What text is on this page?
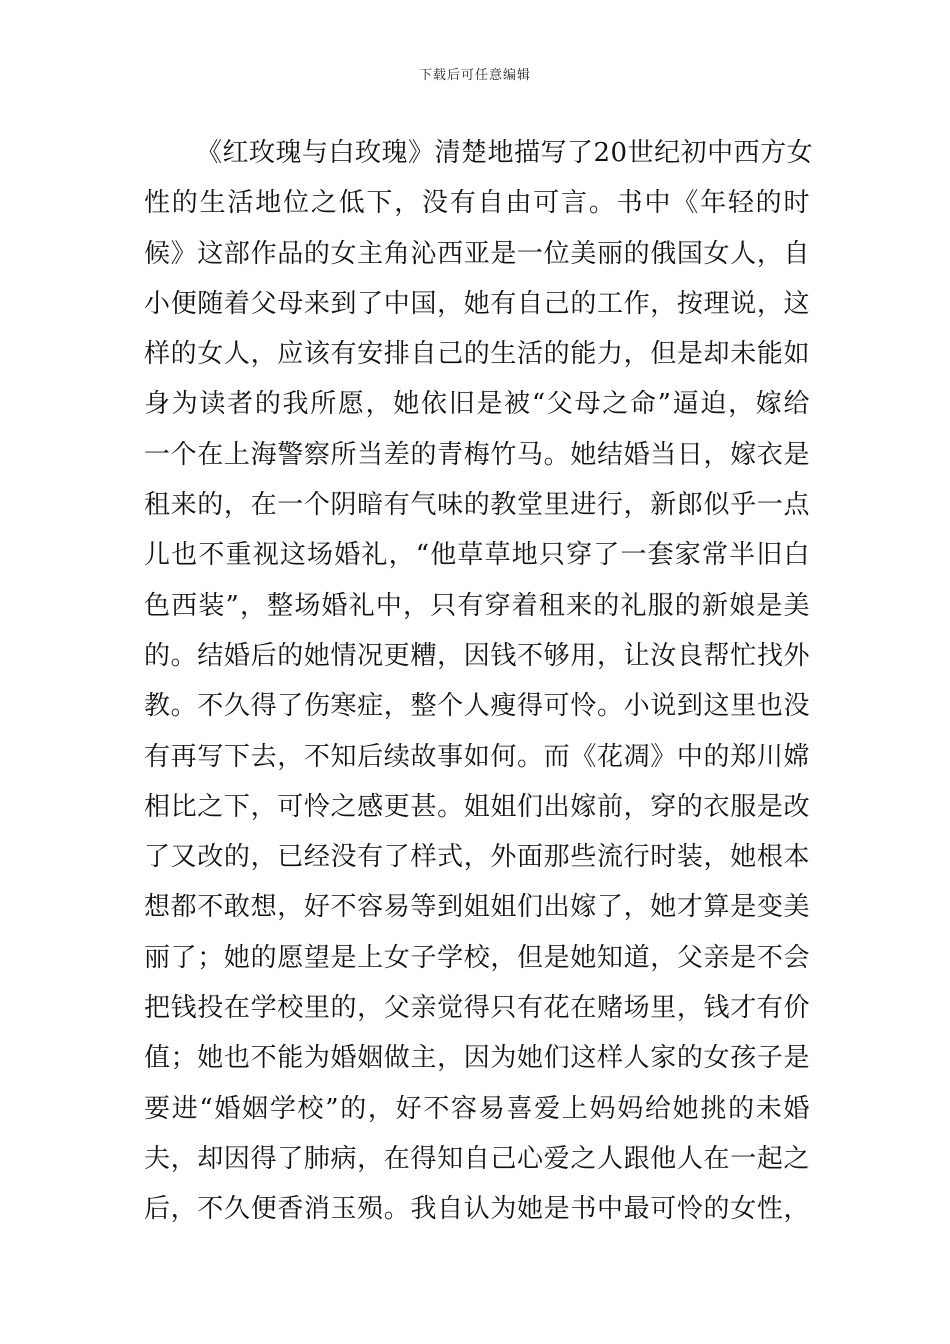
下载后可任意编辑
《红玫瑰与白玫瑰》清楚地描写了20世纪初中西方女
性的生活地位之低下，没有自由可言。书中《年轻的时
候》这部作品的女主角沁西亚是一位美丽的俄国女人，自
小便随着父母来到了中国，她有自己的工作，按理说，这
样的女人，应该有安排自己的生活的能力，但是却未能如
身为读者的我所愿，她依旧是被“父母之命”逼迫，嫁给
一个在上海警察所当差的青梅竹马。她结婚当日，嫁衣是
租来的，在一个阴暗有气味的教堂里进行，新郎似乎一点
儿也不重视这场婚礼，“他草草地只穿了一套家常半旧白
色西装”，整场婚礼中，只有穿着租来的礼服的新娘是美
的。结婚后的她情况更糟，因钱不够用，让汝良帮忙找外
教。不久得了伤寒症，整个人瘦得可怜。小说到这里也没
有再写下去，不知后续故事如何。而《花凋》中的郑川嫦
相比之下，可怜之感更甚。姐姐们出嫁前，穿的衣服是改
了又改的，已经没有了样式，外面那些流行时装，她根本
想都不敢想，好不容易等到姐姐们出嫁了，她才算是变美
丽了；她的愿望是上女子学校，但是她知道，父亲是不会
把钱投在学校里的，父亲觉得只有花在赌场里，钱才有价
值；她也不能为婚姻做主，因为她们这样人家的女孩子是
要进“婚姻学校”的，好不容易喜爱上妈妈给她挑的未婚
夫，却因得了肺病，在得知自己心爱之人跟他人在一起之
后，不久便香消玉殒。我自认为她是书中最可怜的女性，
